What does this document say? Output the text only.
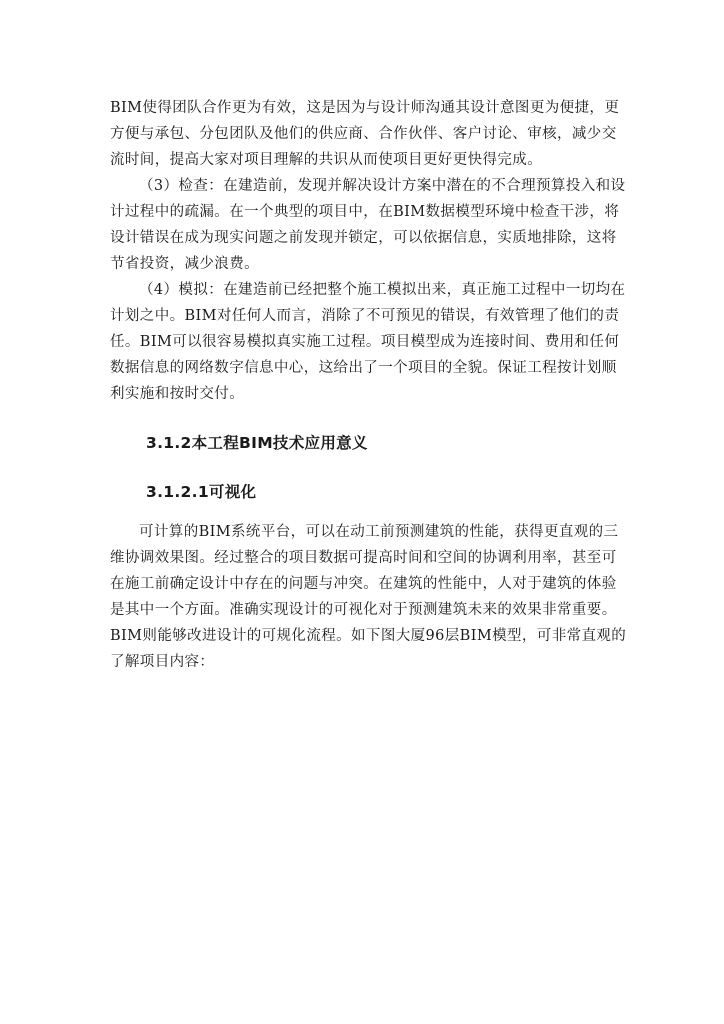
BIM使得团队合作更为有效，这是因为与设计师沟通其设计意图更为便捷，更
方便与承包、分包团队及他们的供应商、合作伙伴、客户讨论、审核，减少交
流时间，提高大家对项目理解的共识从而使项目更好更快得完成。

（3）检查：在建造前，发现并解决设计方案中潜在的不合理预算投入和设
计过程中的疏漏。在一个典型的项目中，在BIM数据模型环境中检查干涉，将
设计错误在成为现实问题之前发现并锁定，可以依据信息，实质地排除，这将
节省投资，减少浪费。

（4）模拟：在建造前已经把整个施工模拟出来，真正施工过程中一切均在
计划之中。BIM对任何人而言，消除了不可预见的错误，有效管理了他们的责
任。BIM可以很容易模拟真实施工过程。项目模型成为连接时间、费用和任何
数据信息的网络数字信息中心，这给出了一个项目的全貌。保证工程按计划顺
利实施和按时交付。

3.1.2本工程BIM技术应用意义
3.1.2.1可视化

可计算的BIM系统平台，可以在动工前预测建筑的性能，获得更直观的三
维协调效果图。经过整合的项目数据可提高时间和空间的协调利用率，甚至可
在施工前确定设计中存在的问题与冲突。在建筑的性能中，人对于建筑的体验
是其中一个方面。准确实现设计的可视化对于预测建筑未来的效果非常重要。
BIM则能够改进设计的可规化流程。如下图大厦96层BIM模型，可非常直观的
了解项目内容：
